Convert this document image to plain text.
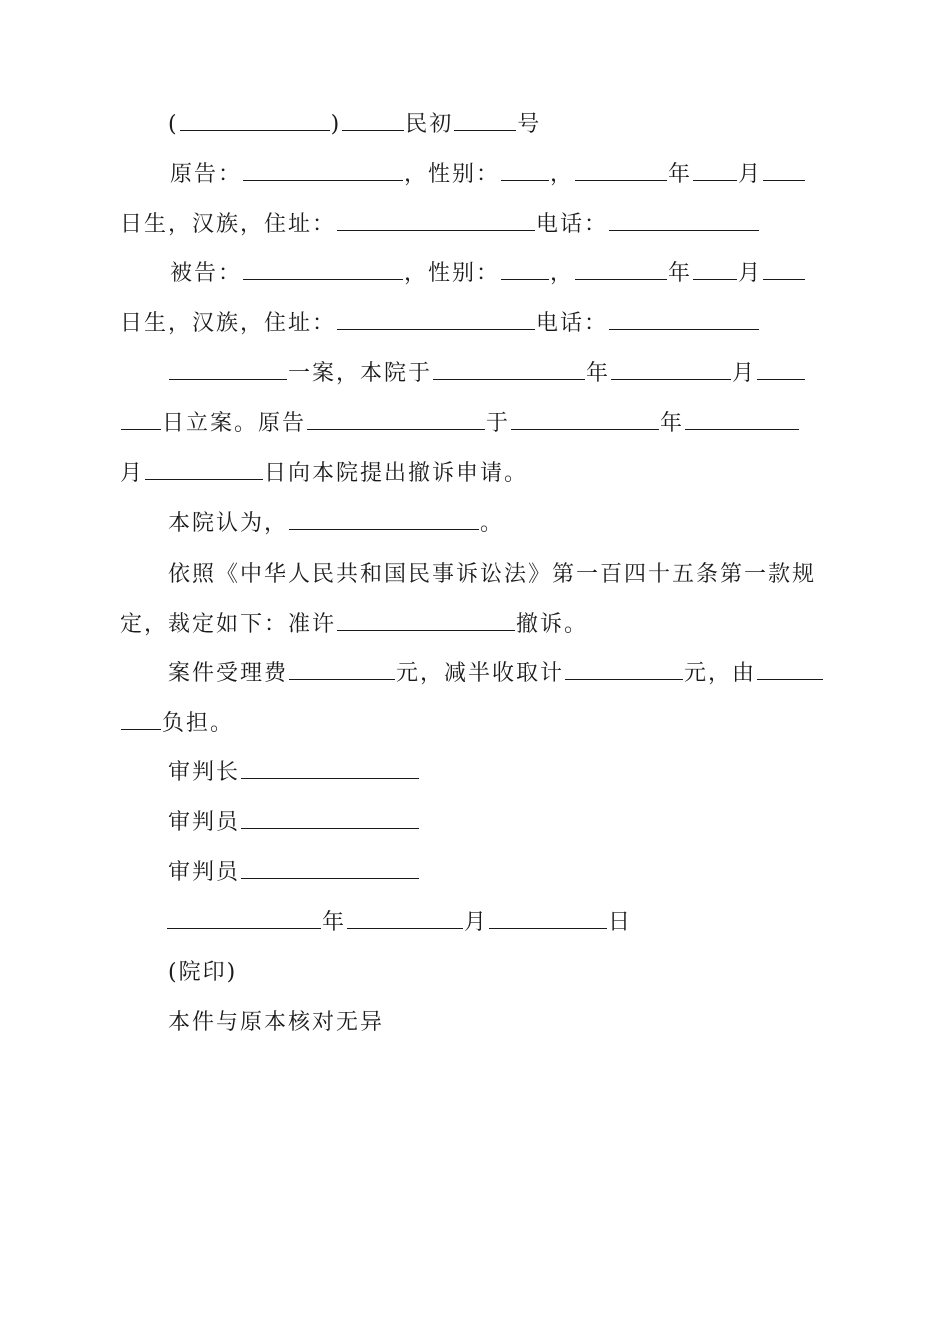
(	)	民初	号
原告：	，性别： ，	年 月
日生，汉族，住址：	电话：
被告：	，性别： ，	年 月
日生，汉族，住址：	电话：
一案，本院于	年	月
日立案。原告	于	年
月	日向本院提出撤诉申请。
本院认为，	。
依照《中华人民共和国民事诉讼法》第一百四十五条第一款规
定，裁定如下：准许	撤诉。
案件受理费	元，减半收取计	元，由
负担。
审判长
审判员
审判员
年	月	日
(院印)
本件与原本核对无异
